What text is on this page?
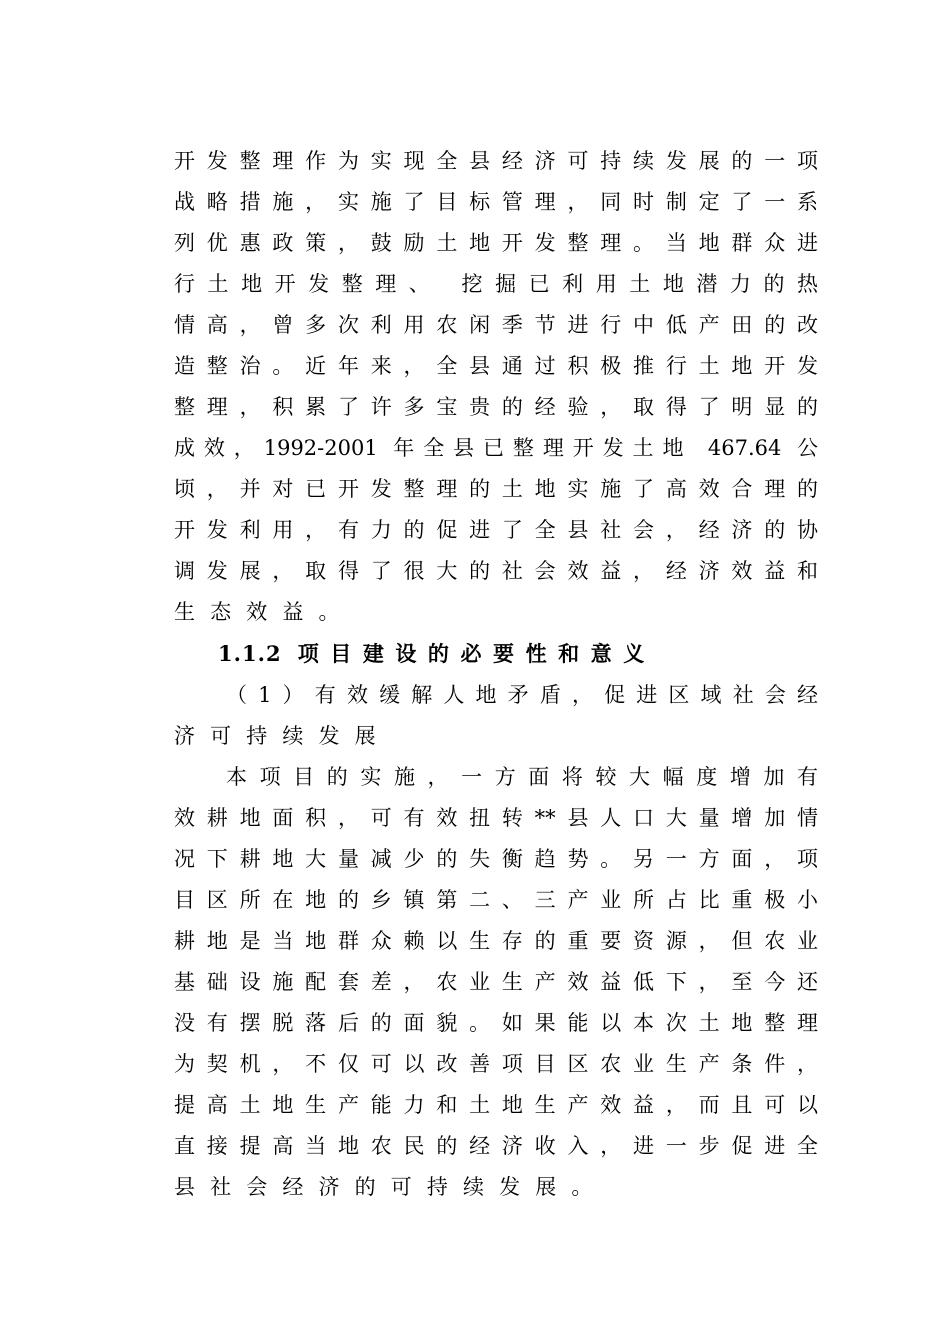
开发整理作为实现全县经济可持续发展的一项
战略措施，实施了目标管理，同时制定了一系
列优惠政策，鼓励土地开发整理。当地群众进
行土地开发整理、 挖掘已利用土地潜力的热
情高，曾多次利用农闲季节进行中低产田的改
造整治。近年来，全县通过积极推行土地开发
整理，积累了许多宝贵的经验，取得了明显的
成效，1992-2001 年全县已整理开发土地 467.64 公
顷，并对已开发整理的土地实施了高效合理的
开发利用，有力的促进了全县社会，经济的协
调发展，取得了很大的社会效益，经济效益和
生态效益。
1.1.2 项目建设的必要性和意义
（1）有效缓解人地矛盾，促进区域社会经
济可持续发展
本项目的实施，一方面将较大幅度增加有
效耕地面积，可有效扭转**县人口大量增加情
况下耕地大量减少的失衡趋势。另一方面，项
目区所在地的乡镇第二、三产业所占比重极小
耕地是当地群众赖以生存的重要资源，但农业
基础设施配套差，农业生产效益低下，至今还
没有摆脱落后的面貌。如果能以本次土地整理
为契机，不仅可以改善项目区农业生产条件，
提高土地生产能力和土地生产效益，而且可以
直接提高当地农民的经济收入，进一步促进全
县社会经济的可持续发展。
